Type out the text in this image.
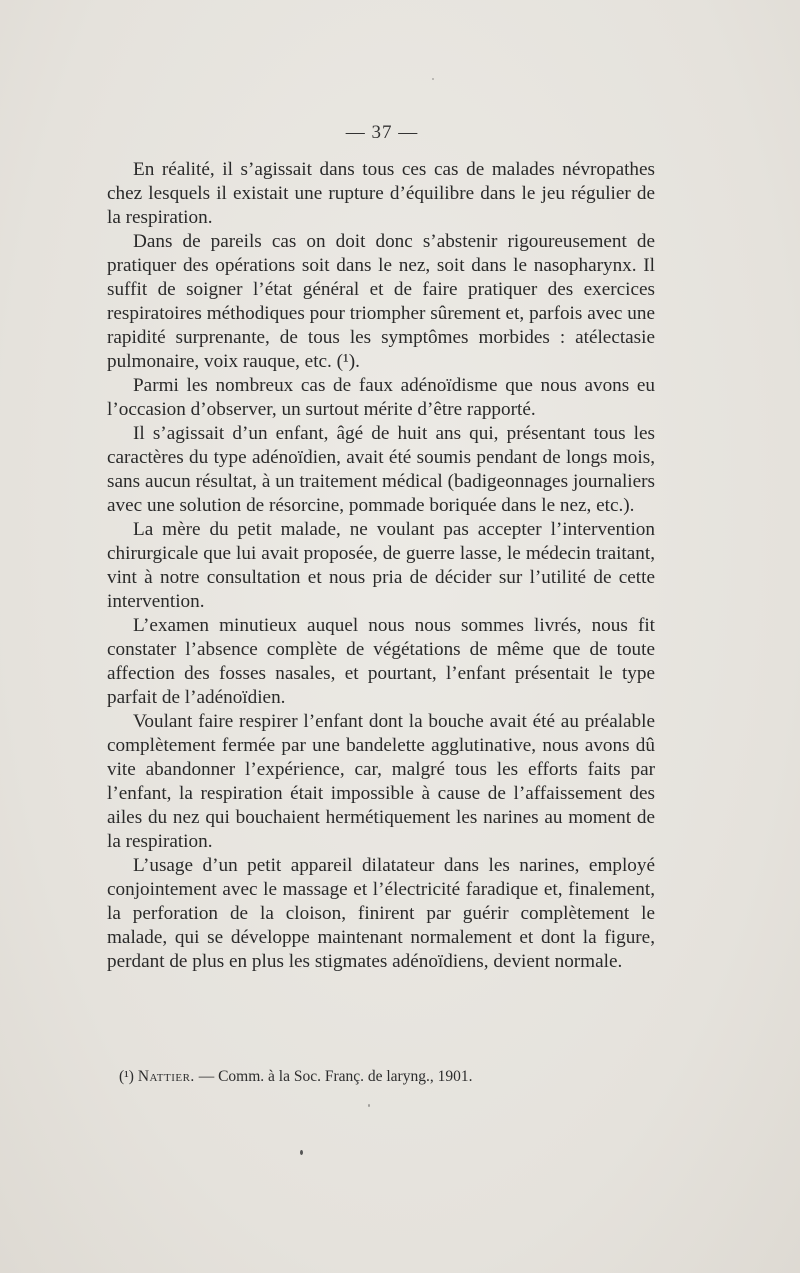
— 37 —

En réalité, il s’agissait dans tous ces cas de malades névropathes chez lesquels il existait une rupture d’équilibre dans le jeu régulier de la respiration.

Dans de pareils cas on doit donc s’abstenir rigoureusement de pratiquer des opérations soit dans le nez, soit dans le nasopharynx. Il suffit de soigner l’état général et de faire pratiquer des exercices respiratoires méthodiques pour triompher sûrement et, parfois avec une rapidité surprenante, de tous les symptômes morbides : atélectasie pulmonaire, voix rauque, etc. (¹).

Parmi les nombreux cas de faux adénoïdisme que nous avons eu l’occasion d’observer, un surtout mérite d’être rapporté.

Il s’agissait d’un enfant, âgé de huit ans qui, présentant tous les caractères du type adénoïdien, avait été soumis pendant de longs mois, sans aucun résultat, à un traitement médical (badigeonnages journaliers avec une solution de résorcine, pommade boriquée dans le nez, etc.).

La mère du petit malade, ne voulant pas accepter l’intervention chirurgicale que lui avait proposée, de guerre lasse, le médecin traitant, vint à notre consultation et nous pria de décider sur l’utilité de cette intervention.

L’examen minutieux auquel nous nous sommes livrés, nous fit constater l’absence complète de végétations de même que de toute affection des fosses nasales, et pourtant, l’enfant présentait le type parfait de l’adénoïdien.

Voulant faire respirer l’enfant dont la bouche avait été au préalable complètement fermée par une bandelette agglutinative, nous avons dû vite abandonner l’expérience, car, malgré tous les efforts faits par l’enfant, la respiration était impossible à cause de l’affaissement des ailes du nez qui bouchaient hermétiquement les narines au moment de la respiration.

L’usage d’un petit appareil dilatateur dans les narines, employé conjointement avec le massage et l’électricité faradique et, finalement, la perforation de la cloison, finirent par guérir complètement le malade, qui se développe maintenant normalement et dont la figure, perdant de plus en plus les stigmates adénoïdiens, devient normale.

(¹) Nattier. — Comm. à la Soc. Franç. de laryng., 1901.
